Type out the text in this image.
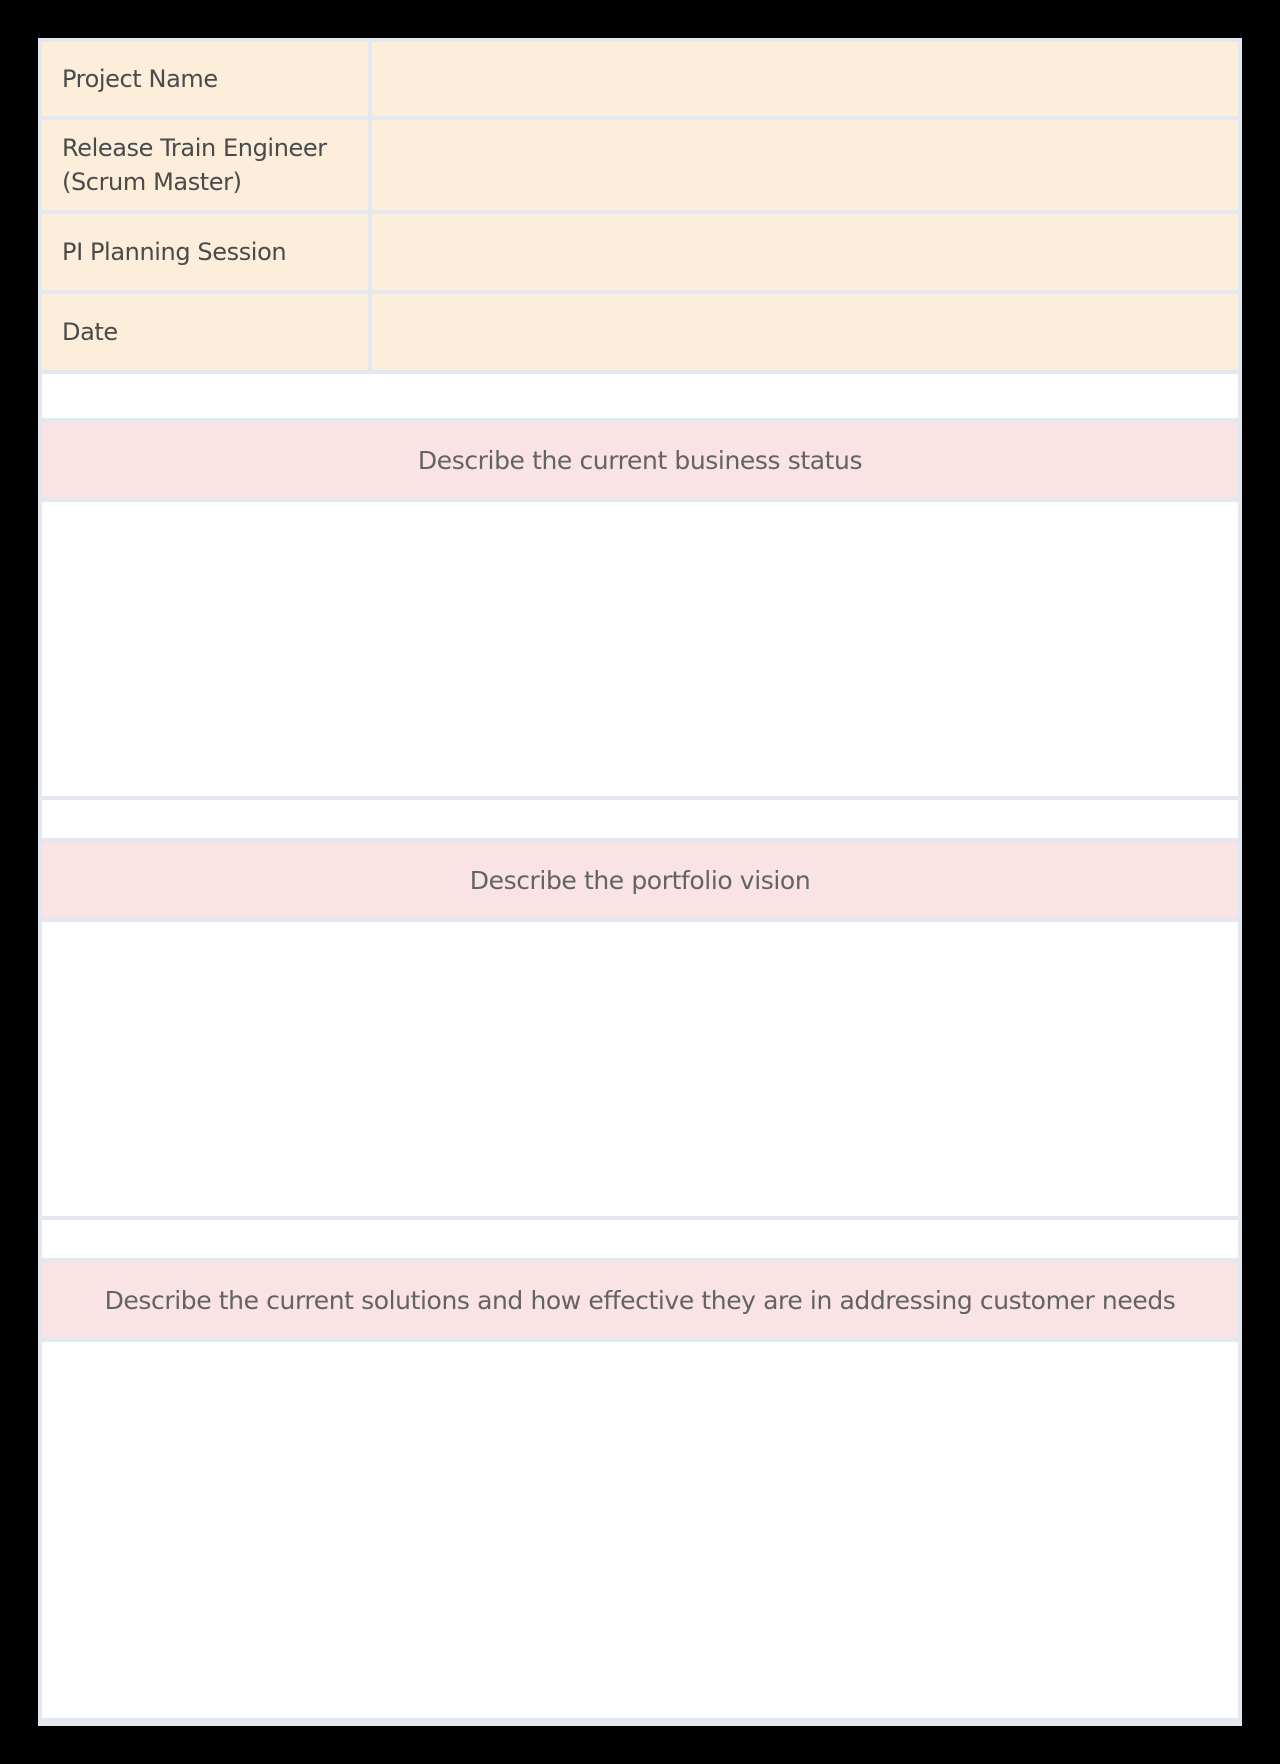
Project Name
Release Train Engineer (Scrum Master)
PI Planning Session
Date
Describe the current business status
Describe the portfolio vision
Describe the current solutions and how effective they are in addressing customer needs
